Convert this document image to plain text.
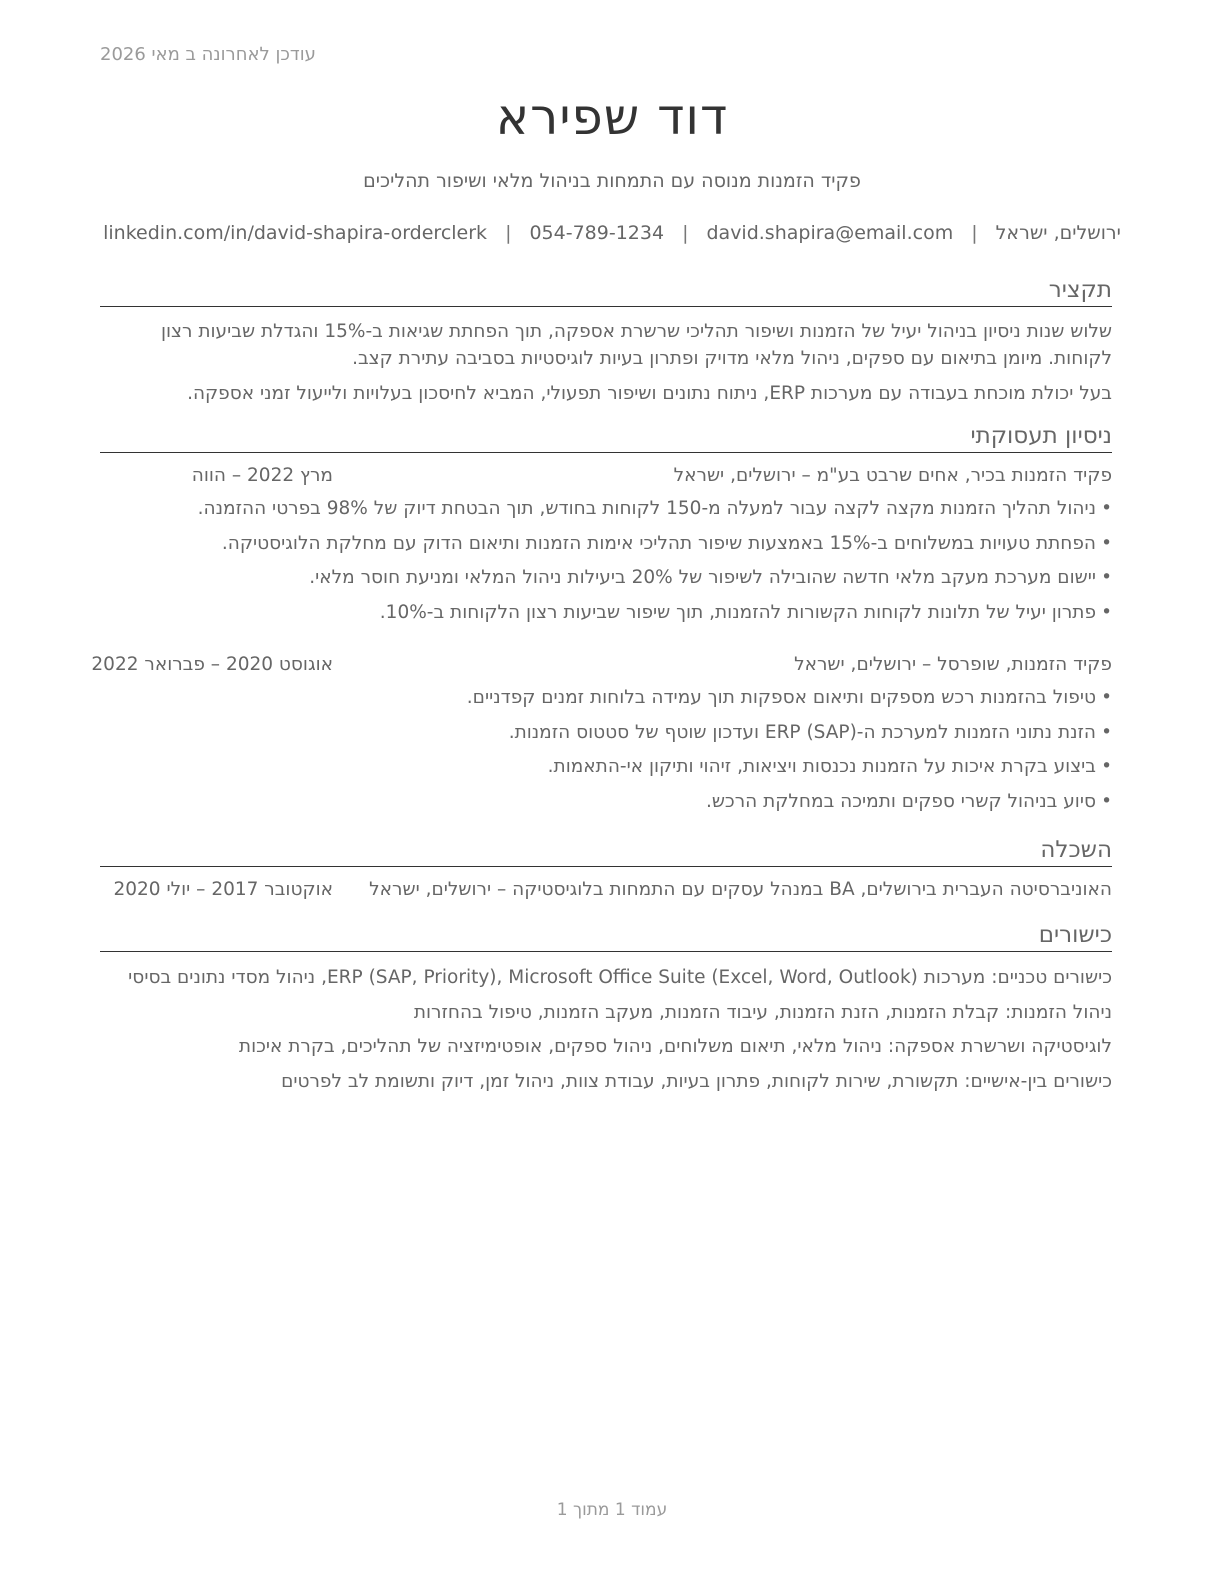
עודכן לאחרונה ב מאי 2026
דוד שפירא
פקיד הזמנות מנוסה עם התמחות בניהול מלאי ושיפור תהליכים
ירושלים, ישראל
|
david.shapira@email.com
|
054-789-1234
|
linkedin.com/in/david-shapira-orderclerk
תקציר
שלוש שנות ניסיון בניהול יעיל של הזמנות ושיפור תהליכי שרשרת אספקה, תוך הפחתת שגיאות ב-15% והגדלת שביעות רצון לקוחות. מיומן בתיאום עם ספקים, ניהול מלאי מדויק ופתרון בעיות לוגיסטיות בסביבה עתירת קצב.
בעל יכולת מוכחת בעבודה עם מערכות ERP, ניתוח נתונים ושיפור תפעולי, המביא לחיסכון בעלויות ולייעול זמני אספקה.
ניסיון תעסוקתי
פקיד הזמנות בכיר, אחים שרבט בע"מ – ירושלים, ישראל
מרץ 2022 – הווה
• ניהול תהליך הזמנות מקצה לקצה עבור למעלה מ-150 לקוחות בחודש, תוך הבטחת דיוק של 98% בפרטי ההזמנה.
• הפחתת טעויות במשלוחים ב-15% באמצעות שיפור תהליכי אימות הזמנות ותיאום הדוק עם מחלקת הלוגיסטיקה.
• יישום מערכת מעקב מלאי חדשה שהובילה לשיפור של 20% ביעילות ניהול המלאי ומניעת חוסר מלאי.
• פתרון יעיל של תלונות לקוחות הקשורות להזמנות, תוך שיפור שביעות רצון הלקוחות ב-10%.
פקיד הזמנות, שופרסל – ירושלים, ישראל
אוגוסט 2020 – פברואר 2022
• טיפול בהזמנות רכש מספקים ותיאום אספקות תוך עמידה בלוחות זמנים קפדניים.
• הזנת נתוני הזמנות למערכת ה-ERP (SAP) ועדכון שוטף של סטטוס הזמנות.
• ביצוע בקרת איכות על הזמנות נכנסות ויציאות, זיהוי ותיקון אי-התאמות.
• סיוע בניהול קשרי ספקים ותמיכה במחלקת הרכש.
השכלה
האוניברסיטה העברית בירושלים, BA במנהל עסקים עם התמחות בלוגיסטיקה – ירושלים, ישראל
אוקטובר 2017 – יולי 2020
כישורים
כישורים טכניים: מערכות ERP (SAP, Priority), Microsoft Office Suite (Excel, Word, Outlook), ניהול מסדי נתונים בסיסי
ניהול הזמנות: קבלת הזמנות, הזנת הזמנות, עיבוד הזמנות, מעקב הזמנות, טיפול בהחזרות
לוגיסטיקה ושרשרת אספקה: ניהול מלאי, תיאום משלוחים, ניהול ספקים, אופטימיזציה של תהליכים, בקרת איכות
כישורים בין-אישיים: תקשורת, שירות לקוחות, פתרון בעיות, עבודת צוות, ניהול זמן, דיוק ותשומת לב לפרטים
עמוד 1 מתוך 1
